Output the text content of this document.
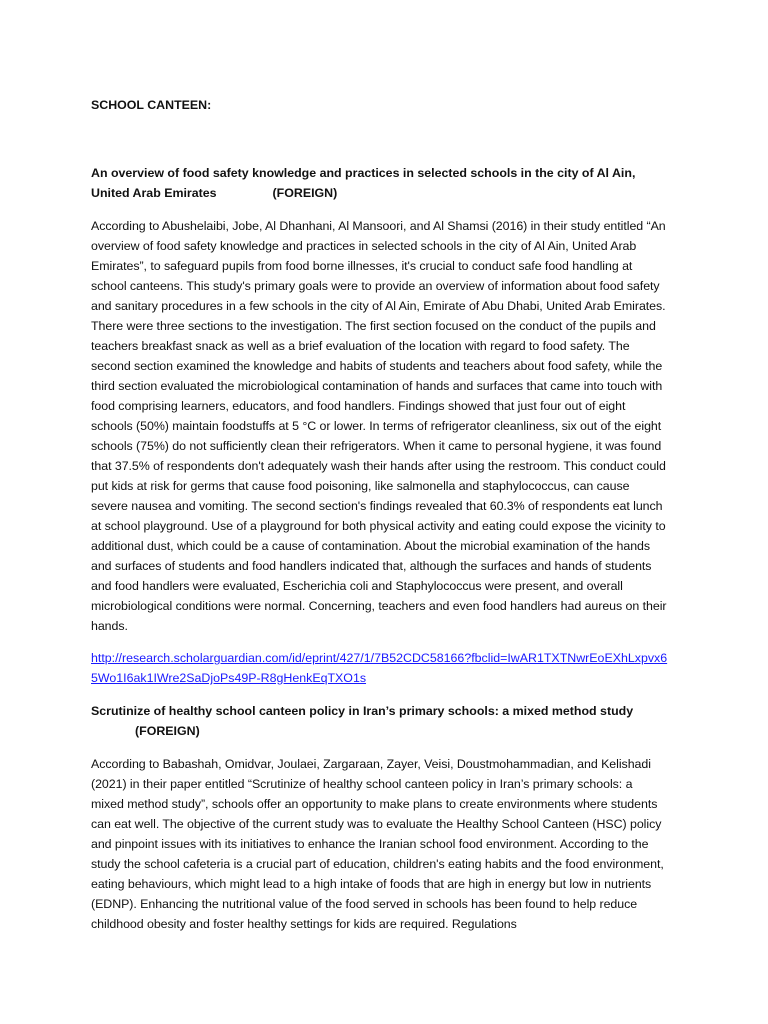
SCHOOL CANTEEN:

An overview of food safety knowledge and practices in selected schools in the city of Al Ain, United Arab Emirates	(FOREIGN)

According to Abushelaibi, Jobe, Al Dhanhani, Al Mansoori, and Al Shamsi (2016) in their study entitled “An overview of food safety knowledge and practices in selected schools in the city of Al Ain, United Arab Emirates”, to safeguard pupils from food borne illnesses, it's crucial to conduct safe food handling at school canteens. This study's primary goals were to provide an overview of information about food safety and sanitary procedures in a few schools in the city of Al Ain, Emirate of Abu Dhabi, United Arab Emirates. There were three sections to the investigation. The first section focused on the conduct of the pupils and teachers breakfast snack as well as a brief evaluation of the location with regard to food safety. The second section examined the knowledge and habits of students and teachers about food safety, while the third section evaluated the microbiological contamination of hands and surfaces that came into touch with food comprising learners, educators, and food handlers. Findings showed that just four out of eight schools (50%) maintain foodstuffs at 5 °C or lower. In terms of refrigerator cleanliness, six out of the eight schools (75%) do not sufficiently clean their refrigerators. When it came to personal hygiene, it was found that 37.5% of respondents don't adequately wash their hands after using the restroom. This conduct could put kids at risk for germs that cause food poisoning, like salmonella and staphylococcus, can cause severe nausea and vomiting. The second section's findings revealed that 60.3% of respondents eat lunch at school playground. Use of a playground for both physical activity and eating could expose the vicinity to additional dust, which could be a cause of contamination. About the microbial examination of the hands and surfaces of students and food handlers indicated that, although the surfaces and hands of students and food handlers were evaluated, Escherichia coli and Staphylococcus were present, and overall microbiological conditions were normal. Concerning, teachers and even food handlers had aureus on their hands.

http://research.scholarguardian.com/id/eprint/427/1/7B52CDC58166?fbclid=IwAR1TXTNwrEoEXhLxpvx65Wo1I6ak1IWre2SaDjoPs49P-R8gHenkEqTXO1s

Scrutinize of healthy school canteen policy in Iran’s primary schools: a mixed method study
(FOREIGN)

According to Babashah, Omidvar, Joulaei, Zargaraan, Zayer, Veisi, Doustmohammadian, and Kelishadi (2021) in their paper entitled “Scrutinize of healthy school canteen policy in Iran’s primary schools: a mixed method study”, schools offer an opportunity to make plans to create environments where students can eat well. The objective of the current study was to evaluate the Healthy School Canteen (HSC) policy and pinpoint issues with its initiatives to enhance the Iranian school food environment. According to the study the school cafeteria is a crucial part of education, children's eating habits and the food environment, eating behaviours, which might lead to a high intake of foods that are high in energy but low in nutrients (EDNP). Enhancing the nutritional value of the food served in schools has been found to help reduce childhood obesity and foster healthy settings for kids are required. Regulations
